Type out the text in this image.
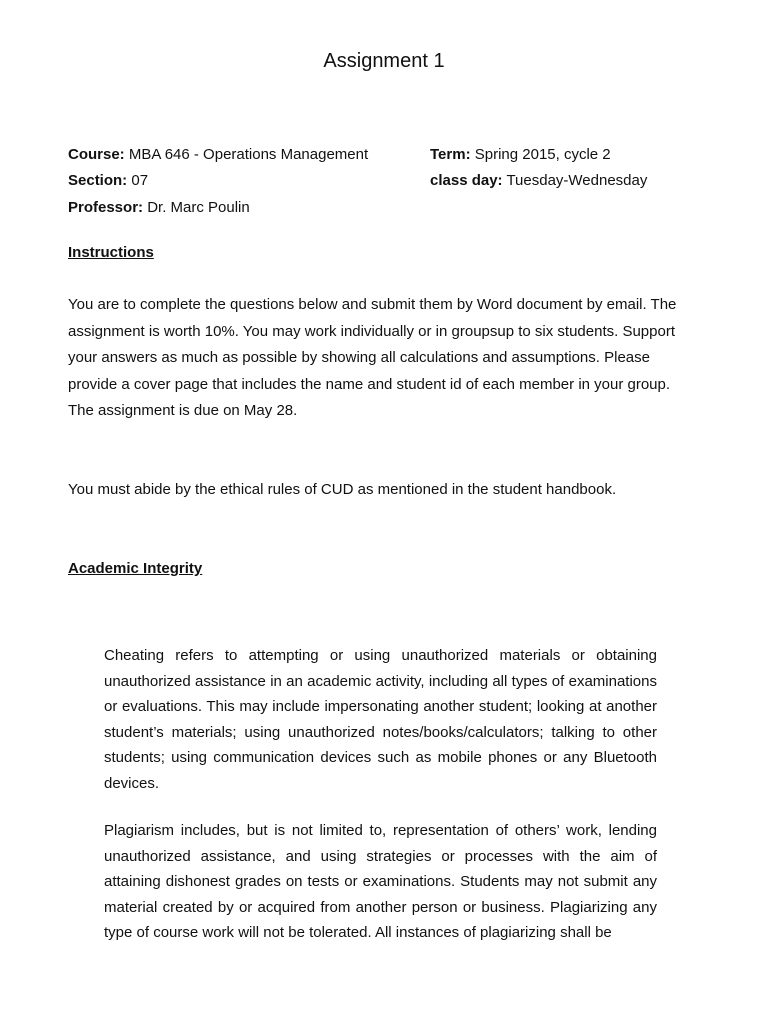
Assignment 1
Course: MBA 646 - Operations Management
Section: 07
Professor: Dr. Marc Poulin
Term: Spring 2015, cycle 2
class day: Tuesday-Wednesday
Instructions

You are to complete the questions below and submit them by Word document by email. The assignment is worth 10%. You may work individually or in groupsup to six students. Support your answers as much as possible by showing all calculations and assumptions. Please provide a cover page that includes the name and student id of each member in your group. The assignment is due on May 28.

You must abide by the ethical rules of CUD as mentioned in the student handbook.

Academic Integrity

Cheating refers to attempting or using unauthorized materials or obtaining unauthorized assistance in an academic activity, including all types of examinations or evaluations. This may include impersonating another student; looking at another student’s materials; using unauthorized notes/books/calculators; talking to other students; using communication devices such as mobile phones or any Bluetooth devices.

Plagiarism includes, but is not limited to, representation of others’ work, lending unauthorized assistance, and using strategies or processes with the aim of attaining dishonest grades on tests or examinations. Students may not submit any material created by or acquired from another person or business. Plagiarizing any type of course work will not be tolerated. All instances of plagiarizing shall be
